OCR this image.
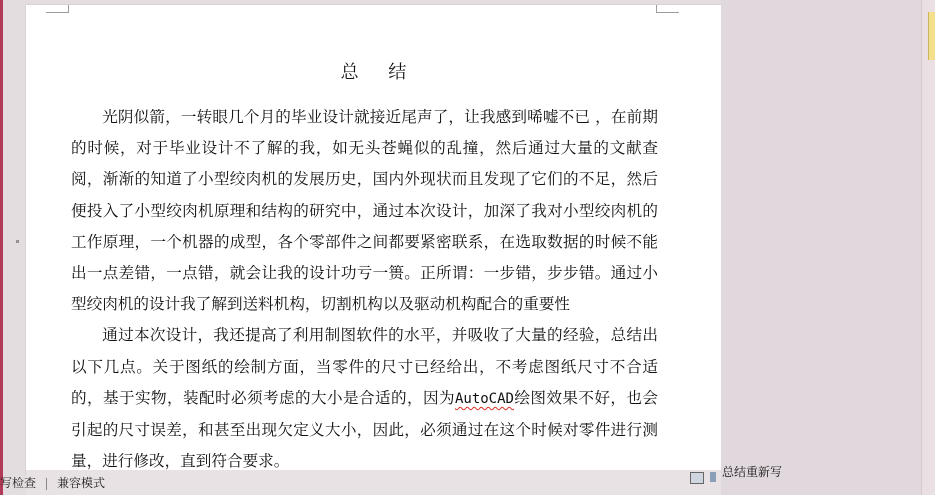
总 结

光阴似箭，一转眼几个月的毕业设计就接近尾声了，让我感到唏嘘不已 ，在前期的时候，对于毕业设计不了解的我，如无头苍蝇似的乱撞，然后通过大量的文献查阅，渐渐的知道了小型绞肉机的发展历史，国内外现状而且发现了它们的不足，然后便投入了小型绞肉机原理和结构的研究中，通过本次设计，加深了我对小型绞肉机的工作原理，一个机器的成型，各个零部件之间都要紧密联系，在选取数据的时候不能出一点差错，一点错，就会让我的设计功亏一篑。正所谓：一步错，步步错。通过小型绞肉机的设计我了解到送料机构，切割机构以及驱动机构配合的重要性

通过本次设计，我还提高了利用制图软件的水平，并吸收了大量的经验，总结出以下几点。关于图纸的绘制方面，当零件的尺寸已经给出，不考虑图纸尺寸不合适的，基于实物，装配时必须考虑的大小是合适的，因为AutoCAD绘图效果不好，也会引起的尺寸误差，和甚至出现欠定义大小，因此，必须通过在这个时候对零件进行测量，进行修改，直到符合要求。

写检查 兼容模式
总结重新写
